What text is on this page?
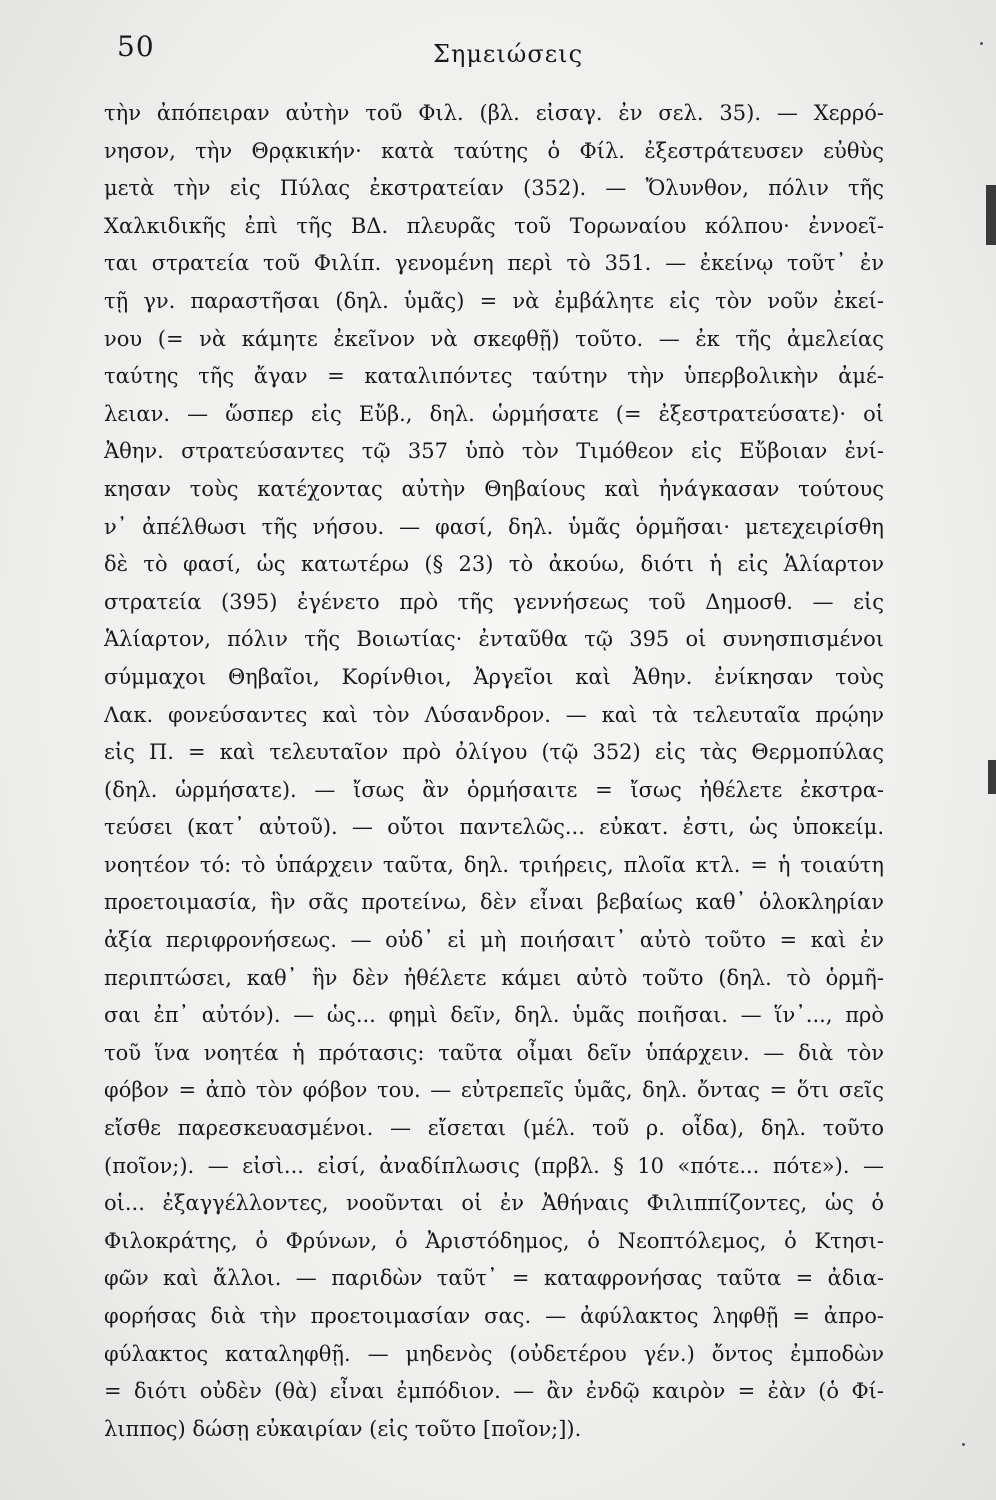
50	Σημειώσεις
τὴν ἀπόπειραν αὐτὴν τοῦ Φιλ. (βλ. εἰσαγ. ἐν σελ. 35). — Χερρό-
νησον, τὴν Θρᾳκικήν· κατὰ ταύτης ὁ Φίλ. ἐξεστράτευσεν εὐθὺς
μετὰ τὴν εἰς Πύλας ἐκστρατείαν (352). — Ὄλυνθον, πόλιν τῆς
Χαλκιδικῆς ἐπὶ τῆς ΒΔ. πλευρᾶς τοῦ Τορωναίου κόλπου· ἐννοεῖ-
ται στρατεία τοῦ Φιλίπ. γενομένη περὶ τὸ 351. — ἐκείνῳ τοῦτ᾿ ἐν
τῇ γν. παραστῆσαι (δηλ. ὑμᾶς) = νὰ ἐμβάλητε εἰς τὸν νοῦν ἐκεί-
νου (= νὰ κάμητε ἐκεῖνον νὰ σκεφθῇ) τοῦτο. — ἐκ τῆς ἀμελείας
ταύτης τῆς ἄγαν = καταλιπόντες ταύτην τὴν ὑπερβολικὴν ἀμέ-
λειαν. — ὥσπερ εἰς Εὔβ., δηλ. ὡρμήσατε (= ἐξεστρατεύσατε)· οἱ
Ἀθην. στρατεύσαντες τῷ 357 ὑπὸ τὸν Τιμόθεον εἰς Εὔβοιαν ἐνί-
κησαν τοὺς κατέχοντας αὐτὴν Θηβαίους καὶ ἠνάγκασαν τούτους
ν᾿ ἀπέλθωσι τῆς νήσου. — φασί, δηλ. ὑμᾶς ὁρμῆσαι· μετεχειρίσθη
δὲ τὸ φασί, ὡς κατωτέρω (§ 23) τὸ ἀκούω, διότι ἡ εἰς Ἁλίαρτον
στρατεία (395) ἐγένετο πρὸ τῆς γεννήσεως τοῦ Δημοσθ. — εἰς
Ἁλίαρτον, πόλιν τῆς Βοιωτίας· ἐνταῦθα τῷ 395 οἱ συνησπισμένοι
σύμμαχοι Θηβαῖοι, Κορίνθιοι, Ἀργεῖοι καὶ Ἀθην. ἐνίκησαν τοὺς
Λακ. φονεύσαντες καὶ τὸν Λύσανδρον. — καὶ τὰ τελευταῖα πρῴην
εἰς Π. = καὶ τελευταῖον πρὸ ὀλίγου (τῷ 352) εἰς τὰς Θερμοπύλας
(δηλ. ὡρμήσατε). — ἴσως ἂν ὁρμήσαιτε = ἴσως ἠθέλετε ἐκστρα-
τεύσει (κατ᾿ αὐτοῦ). — οὔτοι παντελῶς... εὐκατ. ἐστι, ὡς ὑποκείμ.
νοητέον τό: τὸ ὑπάρχειν ταῦτα, δηλ. τριήρεις, πλοῖα κτλ. = ἡ τοιαύτη
προετοιμασία, ἣν σᾶς προτείνω, δὲν εἶναι βεβαίως καθ᾿ ὁλοκληρίαν
ἀξία περιφρονήσεως. — οὐδ᾿ εἰ μὴ ποιήσαιτ᾿ αὐτὸ τοῦτο = καὶ ἐν
περιπτώσει, καθ᾿ ἣν δὲν ἠθέλετε κάμει αὐτὸ τοῦτο (δηλ. τὸ ὁρμῆ-
σαι ἐπ᾿ αὐτόν). — ὡς... φημὶ δεῖν, δηλ. ὑμᾶς ποιῆσαι. — ἵν᾿..., πρὸ
τοῦ ἵνα νοητέα ἡ πρότασις: ταῦτα οἶμαι δεῖν ὑπάρχειν. — διὰ τὸν
φόβον = ἀπὸ τὸν φόβον του. — εὐτρεπεῖς ὑμᾶς, δηλ. ὄντας = ὅτι σεῖς
εἴσθε παρεσκευασμένοι. — εἴσεται (μέλ. τοῦ ρ. οἶδα), δηλ. τοῦτο
(ποῖον;). — εἰσὶ... εἰσί, ἀναδίπλωσις (πρβλ. § 10 «πότε... πότε»). —
οἱ... ἐξαγγέλλοντες, νοοῦνται οἱ ἐν Ἀθήναις Φιλιππίζοντες, ὡς ὁ
Φιλοκράτης, ὁ Φρύνων, ὁ Ἀριστόδημος, ὁ Νεοπτόλεμος, ὁ Κτησι-
φῶν καὶ ἄλλοι. — παριδὼν ταῦτ᾿ = καταφρονήσας ταῦτα = ἀδια-
φορήσας διὰ τὴν προετοιμασίαν σας. — ἀφύλακτος ληφθῇ = ἀπρο-
φύλακτος καταληφθῇ. — μηδενὸς (οὐδετέρου γέν.) ὄντος ἐμποδὼν
= διότι οὐδὲν (θὰ) εἶναι ἐμπόδιον. — ἂν ἐνδῷ καιρὸν = ἐὰν (ὁ Φί-
λιππος) δώσῃ εὐκαιρίαν (εἰς τοῦτο [ποῖον;]).
